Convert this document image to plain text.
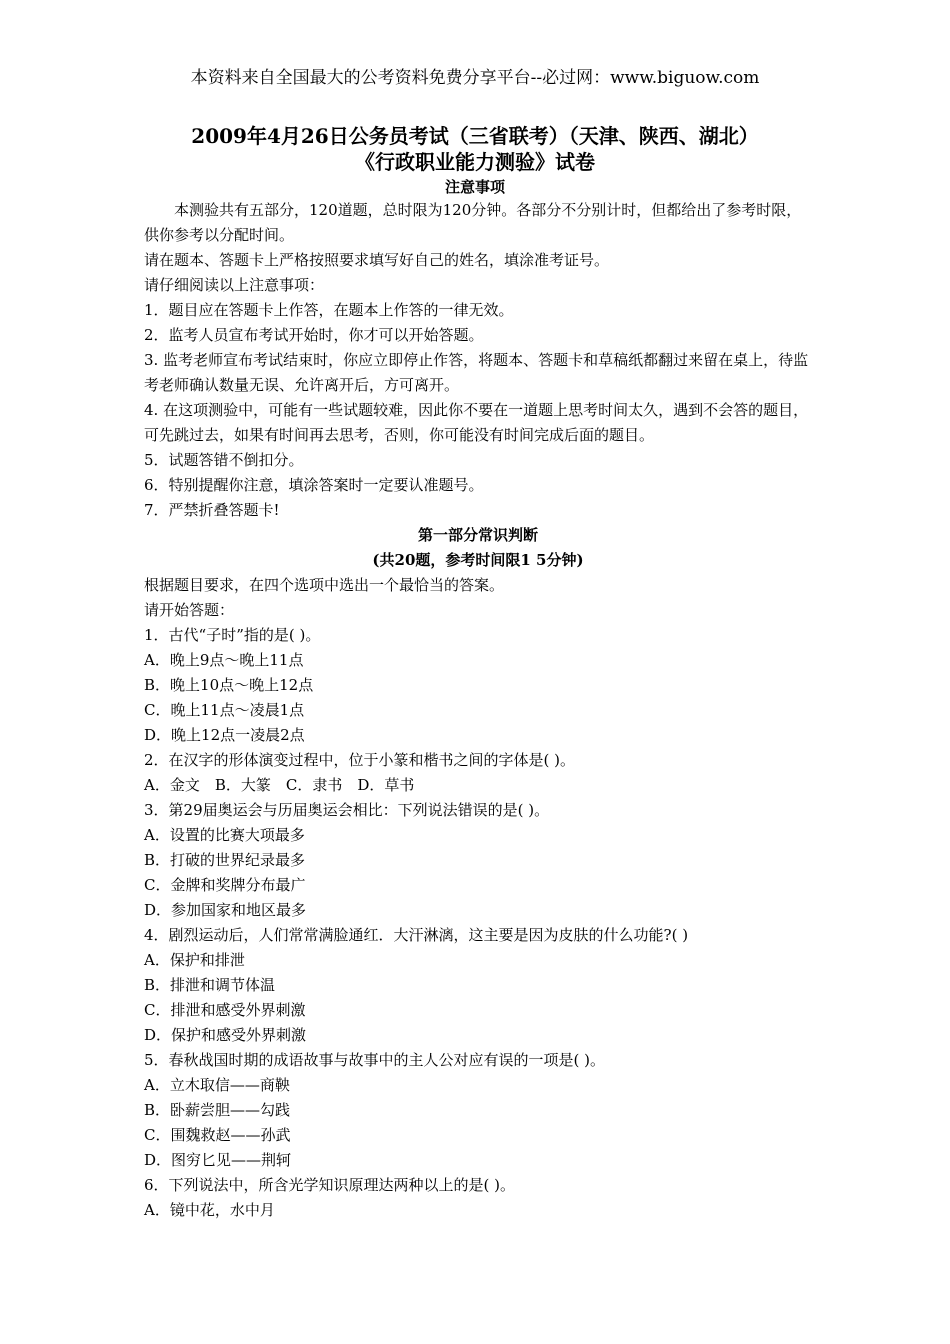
本资料来自全国最大的公考资料免费分享平台--必过网：www.biguow.com
2009年4月26日公务员考试（三省联考）（天津、陕西、湖北）
《行政职业能力测验》试卷
注意事项

本测验共有五部分，120道题，总时限为120分钟。各部分不分别计时，但都给出了参考时限，供你参考以分配时间。

请在题本、答题卡上严格按照要求填写好自己的姓名，填涂准考证号。

请仔细阅读以上注意事项：

1．题目应在答题卡上作答，在题本上作答的一律无效。

2．监考人员宣布考试开始时，你才可以开始答题。

3. 监考老师宣布考试结束时，你应立即停止作答，将题本、答题卡和草稿纸都翻过来留在桌上，待监考老师确认数量无误、允许离开后，方可离开。

4. 在这项测验中，可能有一些试题较难，因此你不要在一道题上思考时间太久，遇到不会答的题目，可先跳过去，如果有时间再去思考，否则，你可能没有时间完成后面的题目。

5．试题答错不倒扣分。

6．特别提醒你注意，填涂答案时一定要认准题号。

7．严禁折叠答题卡!

第一部分常识判断

(共20题，参考时间限1 5分钟)

根据题目要求，在四个选项中选出一个最恰当的答案。

请开始答题：

1．古代“子时”指的是( )。

A．晚上9点～晚上11点

B．晚上10点～晚上12点

C．晚上11点～凌晨1点

D．晚上12点一凌晨2点

2．在汉字的形体演变过程中，位于小篆和楷书之间的字体是( )。

A．金文　B．大篆　C．隶书　D．草书

3．第29届奥运会与历届奥运会相比：下列说法错误的是( )。

A．设置的比赛大项最多

B．打破的世界纪录最多

C．金牌和奖牌分布最广

D．参加国家和地区最多

4．剧烈运动后，人们常常满脸通红．大汗淋漓，这主要是因为皮肤的什么功能?( )

A．保护和排泄

B．排泄和调节体温

C．排泄和感受外界刺激

D．保护和感受外界刺激

5．春秋战国时期的成语故事与故事中的主人公对应有误的一项是( )。

A．立木取信——商鞅

B．卧薪尝胆——勾践

C．围魏救赵——孙武

D．图穷匕见——荆轲

6．下列说法中，所含光学知识原理达两种以上的是( )。

A．镜中花，水中月
